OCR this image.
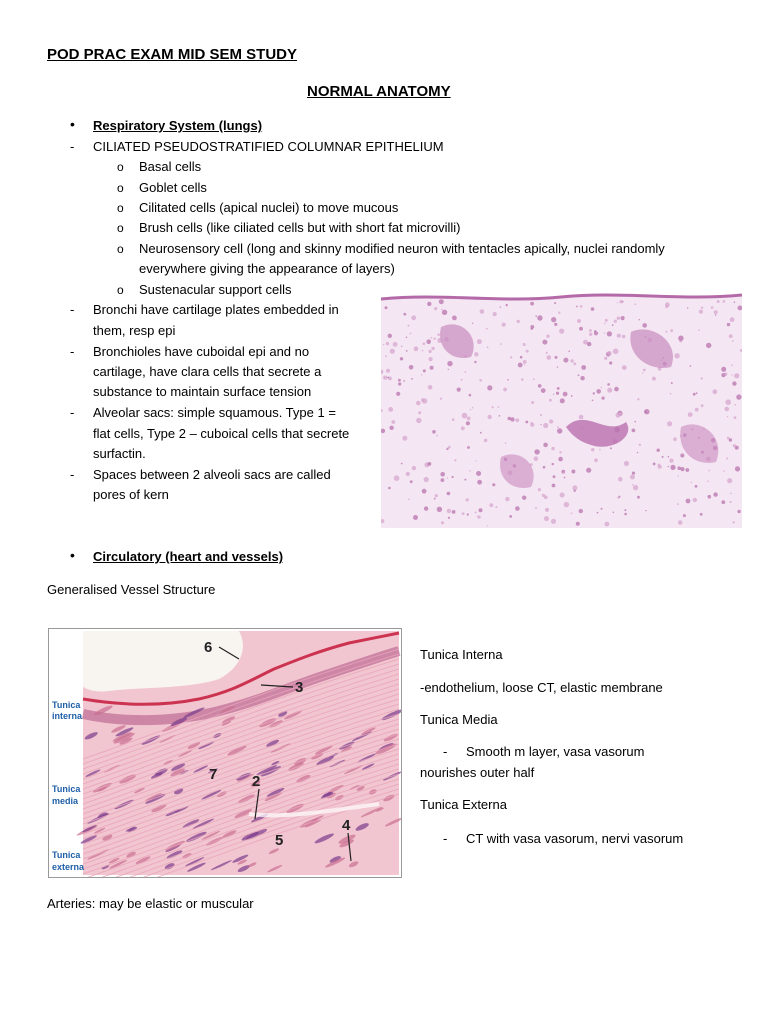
POD PRAC EXAM MID SEM STUDY
NORMAL ANATOMY
• Respiratory System (lungs)
- CILIATED PSEUDOSTRATIFIED COLUMNAR EPITHELIUM
o Basal cells
o Goblet cells
o Cilitated cells (apical nuclei) to move mucous
o Brush cells (like ciliated cells but with short fat microvilli)
o Neurosensory cell (long and skinny modified neuron with tentacles apically, nuclei randomly
everywhere giving the appearance of layers)
o Sustenacular support cells
- Bronchi have cartilage plates embedded in
them, resp epi
- Bronchioles have cuboidal epi and no
cartilage, have clara cells that secrete a
substance to maintain surface tension
- Alveolar sacs: simple squamous. Type 1 =
flat cells, Type 2 – cuboical cells that secrete
surfactin.
- Spaces between 2 alveoli sacs are called
pores of kern
• Circulatory (heart and vessels)
Generalised Vessel Structure
Tunica
interna
Tunica
media
Tunica
externa
6
3
7 2
5
4
Tunica Interna
-endothelium, loose CT, elastic membrane
Tunica Media
- Smooth m layer, vasa vasorum
nourishes outer half
Tunica Externa
- CT with vasa vasorum, nervi vasorum
Arteries: may be elastic or muscular
